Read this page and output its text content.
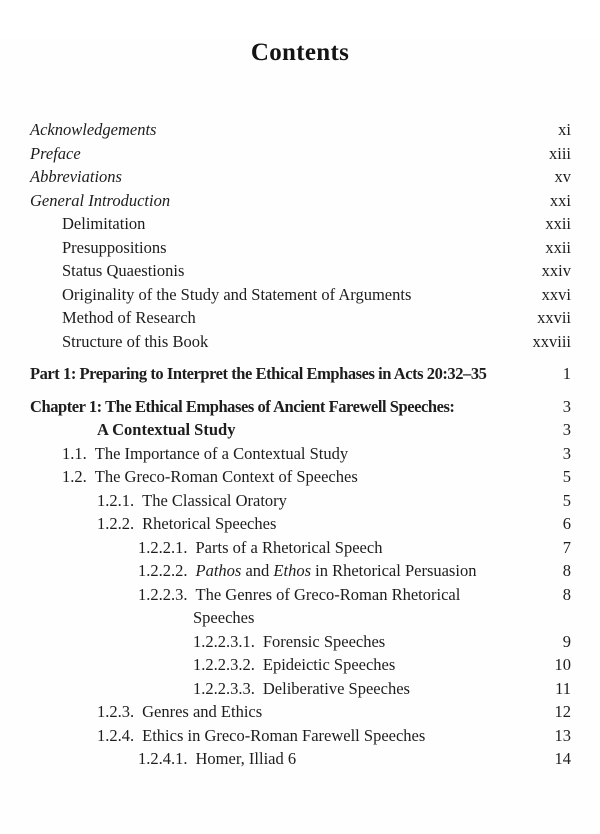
Contents
Acknowledgements	xi
Preface	xiii
Abbreviations	xv
General Introduction	xxi
Delimitation	xxii
Presuppositions	xxii
Status Quaestionis	xxiv
Originality of the Study and Statement of Arguments	xxvi
Method of Research	xxvii
Structure of this Book	xxviii
Part 1: Preparing to Interpret the Ethical Emphases in Acts 20:32–35	1
Chapter 1: The Ethical Emphases of Ancient Farewell Speeches:	3
A Contextual Study	3
1.1. The Importance of a Contextual Study	3
1.2. The Greco-Roman Context of Speeches	5
1.2.1. The Classical Oratory	5
1.2.2. Rhetorical Speeches	6
1.2.2.1. Parts of a Rhetorical Speech	7
1.2.2.2. Pathos and Ethos in Rhetorical Persuasion	8
1.2.2.3. The Genres of Greco-Roman Rhetorical	8
Speeches
1.2.2.3.1. Forensic Speeches	9
1.2.2.3.2. Epideictic Speeches	10
1.2.2.3.3. Deliberative Speeches	11
1.2.3. Genres and Ethics	12
1.2.4. Ethics in Greco-Roman Farewell Speeches	13
1.2.4.1. Homer, Illiad 6	14
